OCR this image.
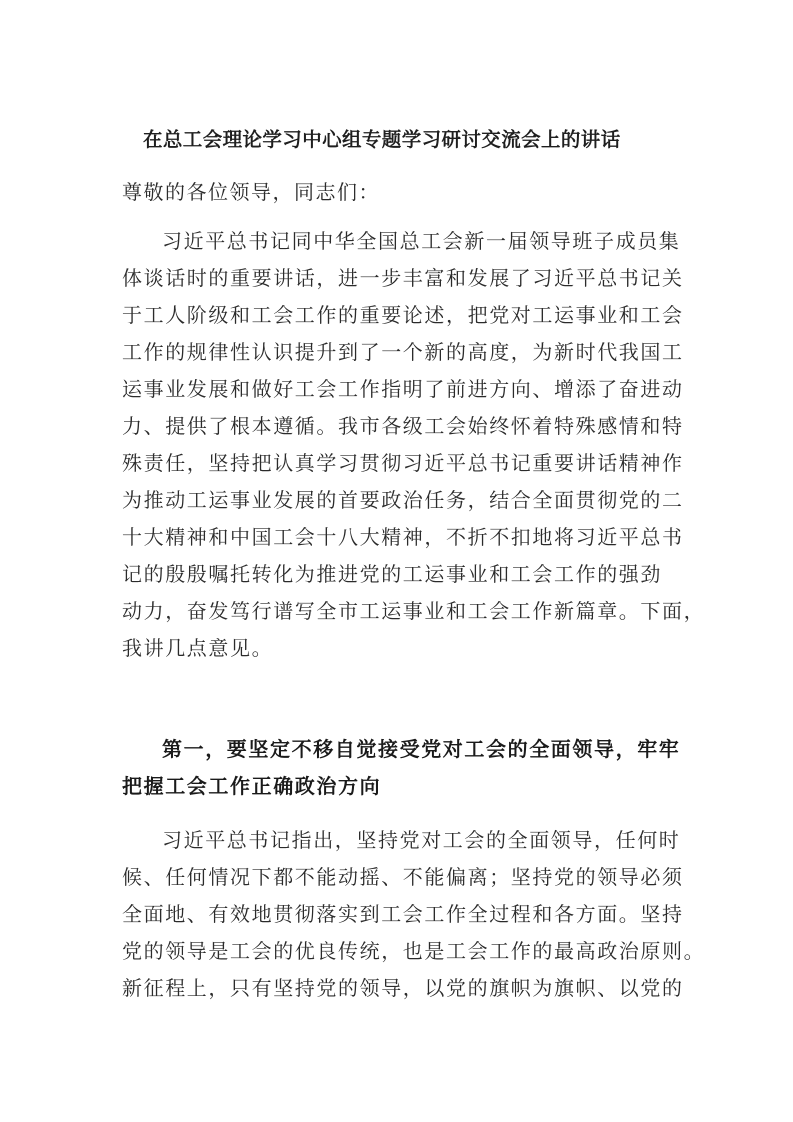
在总工会理论学习中心组专题学习研讨交流会上的讲话

尊敬的各位领导，同志们：

习近平总书记同中华全国总工会新一届领导班子成员集
体谈话时的重要讲话，进一步丰富和发展了习近平总书记关
于工人阶级和工会工作的重要论述，把党对工运事业和工会
工作的规律性认识提升到了一个新的高度，为新时代我国工
运事业发展和做好工会工作指明了前进方向、增添了奋进动
力、提供了根本遵循。我市各级工会始终怀着特殊感情和特
殊责任，坚持把认真学习贯彻习近平总书记重要讲话精神作
为推动工运事业发展的首要政治任务，结合全面贯彻党的二
十大精神和中国工会十八大精神，不折不扣地将习近平总书
记的殷殷嘱托转化为推进党的工运事业和工会工作的强劲
动力，奋发笃行谱写全市工运事业和工会工作新篇章。下面，
我讲几点意见。
第一，要坚定不移自觉接受党对工会的全面领导，牢牢
把握工会工作正确政治方向
习近平总书记指出，坚持党对工会的全面领导，任何时
候、任何情况下都不能动摇、不能偏离；坚持党的领导必须
全面地、有效地贯彻落实到工会工作全过程和各方面。坚持
党的领导是工会的优良传统，也是工会工作的最高政治原则。
新征程上，只有坚持党的领导，以党的旗帜为旗帜、以党的
